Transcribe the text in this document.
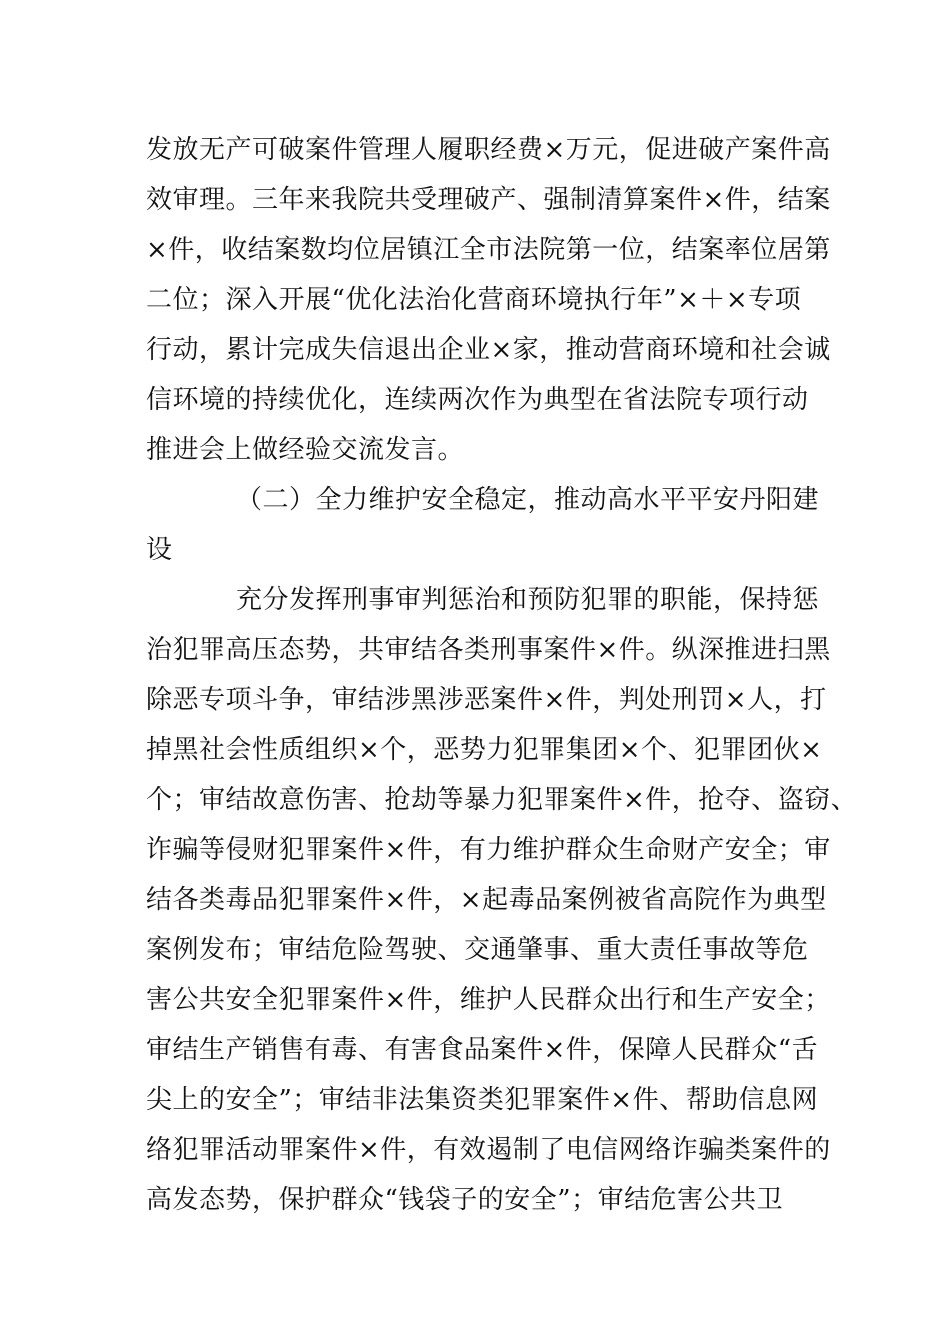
发放无产可破案件管理人履职经费×万元，促进破产案件高
效审理。三年来我院共受理破产、强制清算案件×件，结案
×件，收结案数均位居镇江全市法院第一位，结案率位居第
二位；深入开展“优化法治化营商环境执行年”×＋×专项
行动，累计完成失信退出企业×家，推动营商环境和社会诚
信环境的持续优化，连续两次作为典型在省法院专项行动
推进会上做经验交流发言。
（二）全力维护安全稳定，推动高水平平安丹阳建
设
充分发挥刑事审判惩治和预防犯罪的职能，保持惩
治犯罪高压态势，共审结各类刑事案件×件。纵深推进扫黑
除恶专项斗争，审结涉黑涉恶案件×件，判处刑罚×人，打
掉黑社会性质组织×个，恶势力犯罪集团×个、犯罪团伙×
个；审结故意伤害、抢劫等暴力犯罪案件×件，抢夺、盗窃、
诈骗等侵财犯罪案件×件，有力维护群众生命财产安全；审
结各类毒品犯罪案件×件，×起毒品案例被省高院作为典型
案例发布；审结危险驾驶、交通肇事、重大责任事故等危
害公共安全犯罪案件×件，维护人民群众出行和生产安全；
审结生产销售有毒、有害食品案件×件，保障人民群众“舌
尖上的安全”；审结非法集资类犯罪案件×件、帮助信息网
络犯罪活动罪案件×件，有效遏制了电信网络诈骗类案件的
高发态势，保护群众“钱袋子的安全”；审结危害公共卫
